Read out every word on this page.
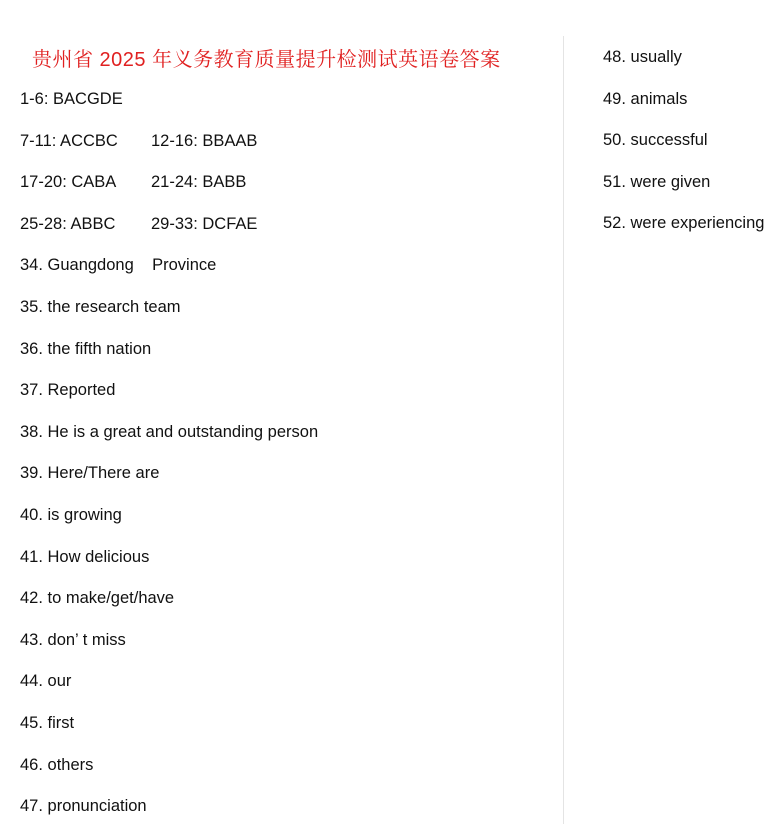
贵州省 2025 年义务教育质量提升检测试英语卷答案
1-6: BACGDE
7-11: ACCBC 12-16: BBAAB
17-20: CABA 21-24: BABB
25-28: ABBC 29-33: DCFAE
34. Guangdong    Province
35. the research team
36. the fifth nation
37. Reported
38. He is a great and outstanding person
39. Here/There are
40. is growing
41. How delicious
42. to make/get/have
43. don’ t miss
44. our
45. first
46. others
47. pronunciation
48. usually
49. animals
50. successful
51. were given
52. were experiencing
